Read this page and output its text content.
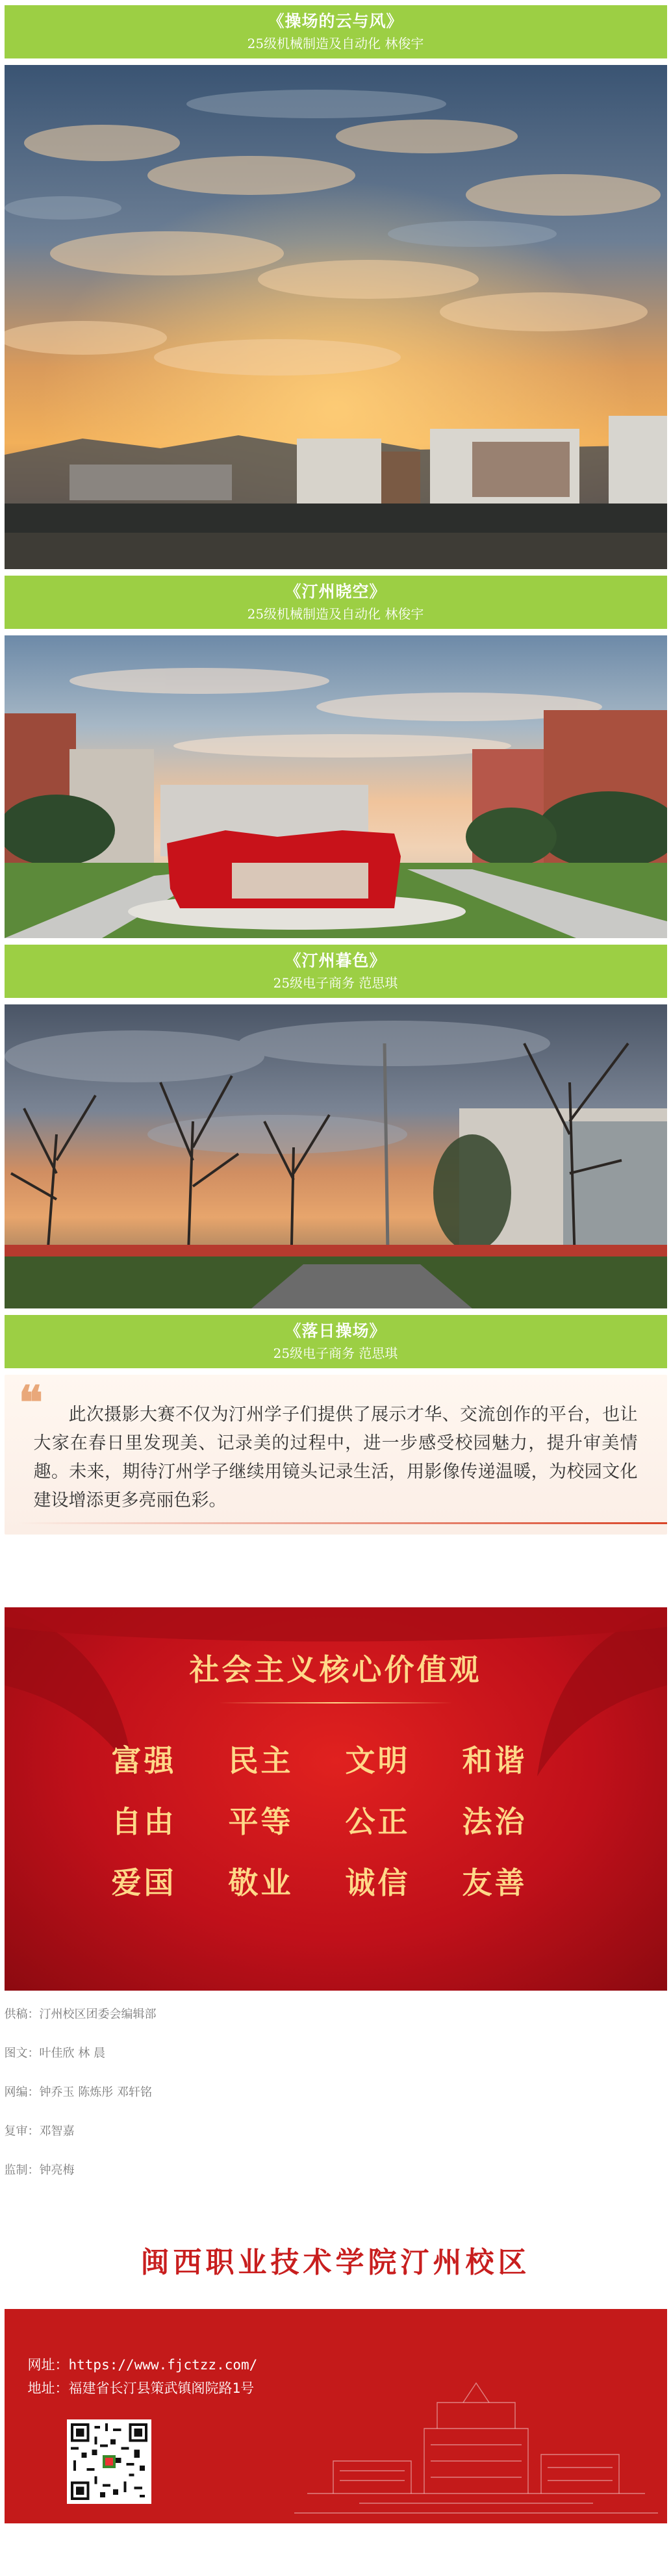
《操场的云与风》
25级机械制造及自动化 林俊宇
《汀州晓空》
25级机械制造及自动化 林俊宇
《汀州暮色》
25级电子商务 范思琪
《落日操场》
25级电子商务 范思琪
❝	此次摄影大赛不仅为汀州学子们提供了展示才华、交流创作的平台，也让大家在春日里发现美、记录美的过程中，进一步感受校园魅力，提升审美情趣。未来，期待汀州学子继续用镜头记录生活，用影像传递温暖，为校园文化建设增添更多亮丽色彩。

社会主义核心价值观
富强	民主	文明	和谐
自由	平等	公正	法治
爱国	敬业	诚信	友善
供稿：汀州校区团委会编辑部
图文：叶佳欣 林 晨
网编：钟乔玉 陈炼彤 邓轩铭
复审：邓智嘉
监制：钟亮梅
闽西职业技术学院汀州校区
网址：https://www.fjctzz.com/
地址：福建省长汀县策武镇阁院路1号
